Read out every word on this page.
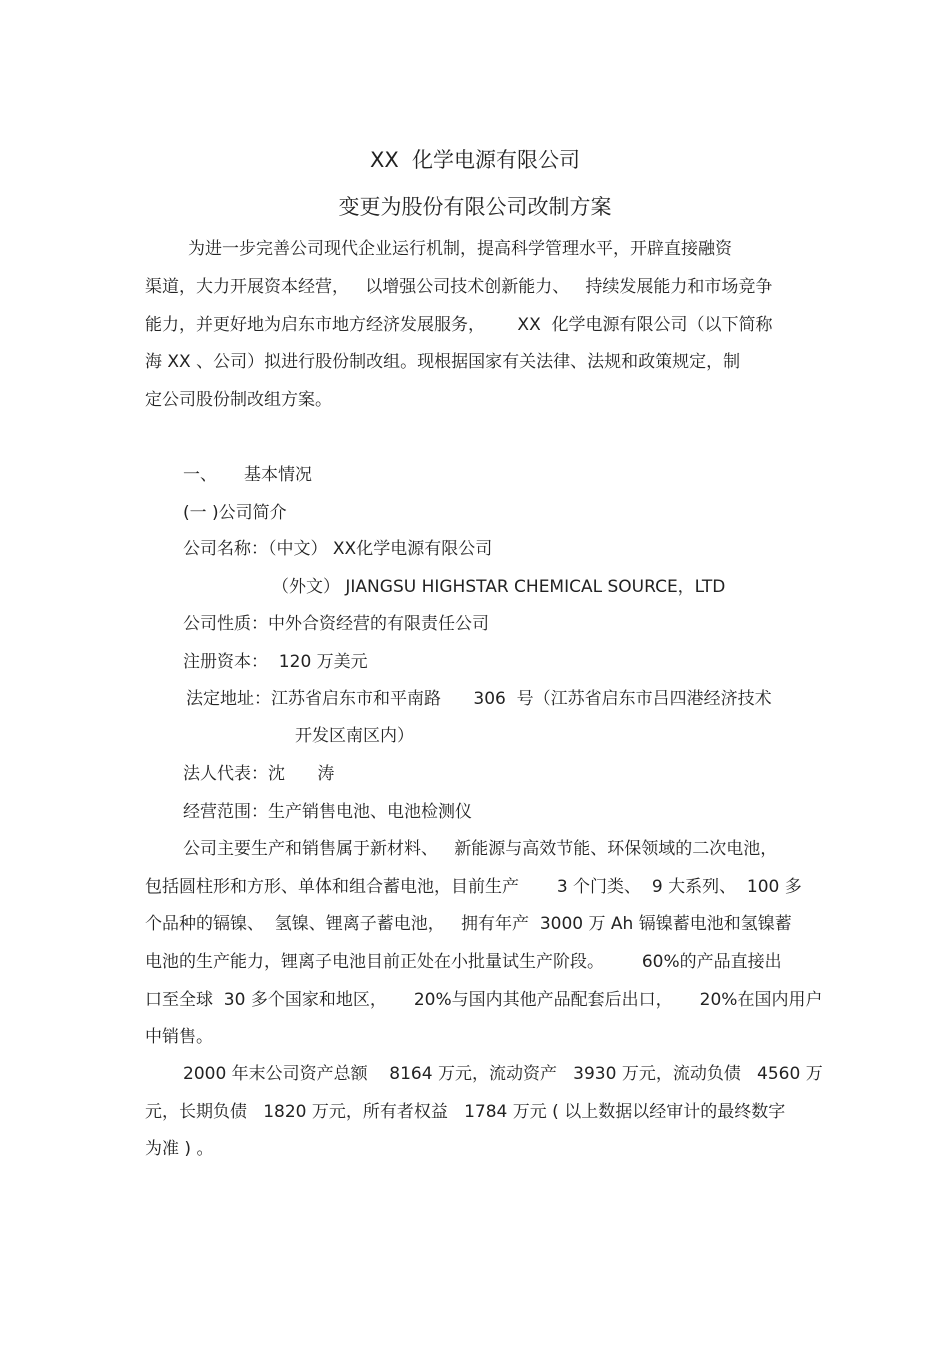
XX  化学电源有限公司
变更为股份有限公司改制方案
为进一步完善公司现代企业运行机制，提高科学管理水平，开辟直接融资
渠道，大力开展资本经营，   以增强公司技术创新能力、   持续发展能力和市场竞争
能力，并更好地为启东市地方经济发展服务，      XX  化学电源有限公司（以下简称
海 XX 、公司）拟进行股份制改组。现根据国家有关法律、法规和政策规定，制
定公司股份制改组方案。
一、     基本情况
(一 )公司简介
公司名称：（中文） XX化学电源有限公司
（外文） JIANGSU HIGHSTAR CHEMICAL SOURCE，LTD
公司性质：中外合资经营的有限责任公司
注册资本：  120 万美元
法定地址：江苏省启东市和平南路      306  号（江苏省启东市吕四港经济技术
开发区南区内）
法人代表：沈      涛
经营范围：生产销售电池、电池检测仪
公司主要生产和销售属于新材料、   新能源与高效节能、环保领域的二次电池，
包括圆柱形和方形、单体和组合蓄电池，目前生产       3 个门类、  9 大系列、  100 多
个品种的镉镍、  氢镍、锂离子蓄电池，   拥有年产  3000 万 Ah 镉镍蓄电池和氢镍蓄
电池的生产能力，锂离子电池目前正处在小批量试生产阶段。       60%的产品直接出
口至全球  30 多个国家和地区，     20%与国内其他产品配套后出口，     20%在国内用户
中销售。
2000 年末公司资产总额    8164 万元，流动资产   3930 万元，流动负债   4560 万
元，长期负债   1820 万元，所有者权益   1784 万元 ( 以上数据以经审计的最终数字
为准 ) 。
